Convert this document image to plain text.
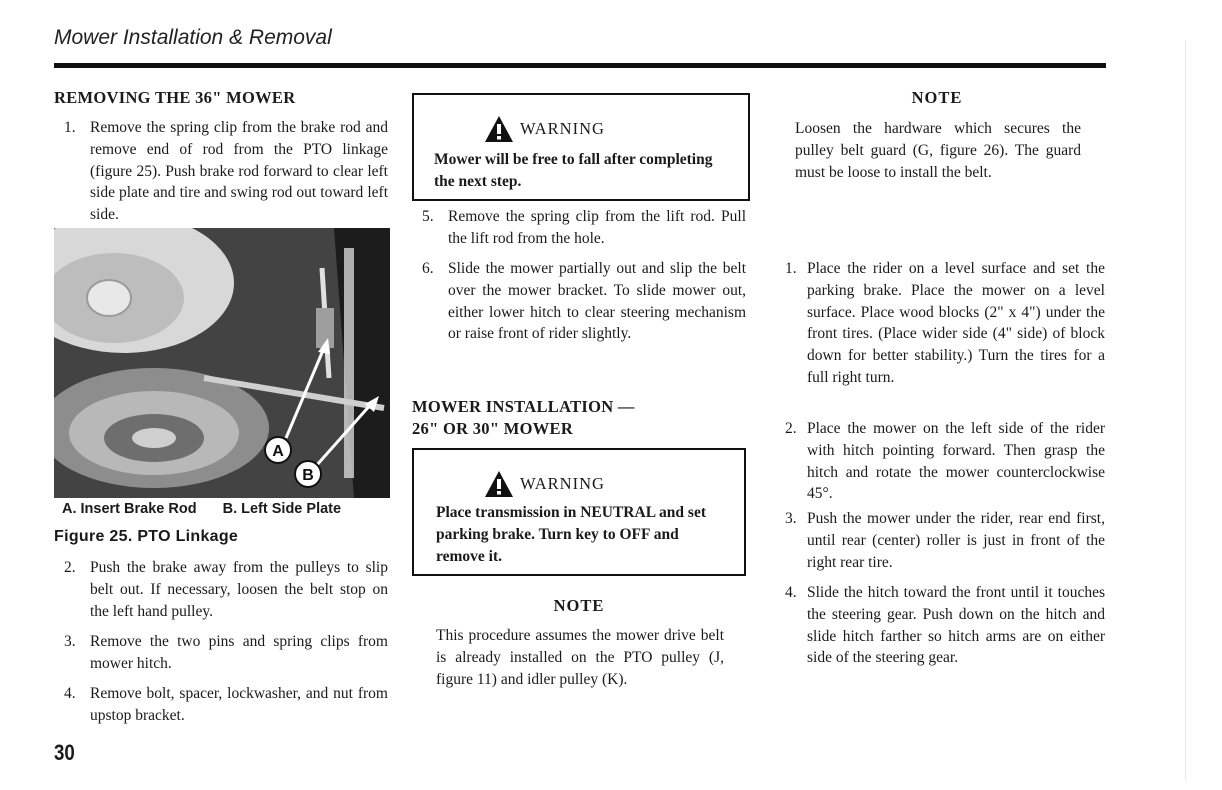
Mower Installation & Removal
REMOVING THE 36" MOWER
1. Remove the spring clip from the brake rod and remove end of rod from the PTO linkage (figure 25). Push brake rod forward to clear left side plate and tire and swing rod out toward left side.
A
B
A. Insert Brake Rod B. Left Side Plate
Figure 25. PTO Linkage
2. Push the brake away from the pulleys to slip belt out. If necessary, loosen the belt stop on the left hand pulley.
3. Remove the two pins and spring clips from mower hitch.
4. Remove bolt, spacer, lockwasher, and nut from upstop bracket.
30
WARNING
Mower will be free to fall after completing the next step.
5. Remove the spring clip from the lift rod. Pull the lift rod from the hole.
6. Slide the mower partially out and slip the belt over the mower bracket. To slide mower out, either lower hitch to clear steering mechanism or raise front of rider slightly.
MOWER INSTALLATION —
26" OR 30" MOWER
WARNING
Place transmission in NEUTRAL and set parking brake. Turn key to OFF and remove it.
NOTE
This procedure assumes the mower drive belt is already installed on the PTO pulley (J, figure 11) and idler pulley (K).
NOTE
Loosen the hardware which secures the pulley belt guard (G, figure 26). The guard must be loose to install the belt.
1. Place the rider on a level surface and set the parking brake. Place the mower on a level surface. Place wood blocks (2" x 4") under the front tires. (Place wider side (4" side) of block down for better stability.) Turn the tires for a full right turn.
2. Place the mower on the left side of the rider with hitch pointing forward. Then grasp the hitch and rotate the mower counterclockwise 45°.
3. Push the mower under the rider, rear end first, until rear (center) roller is just in front of the right rear tire.
4. Slide the hitch toward the front until it touches the steering gear. Push down on the hitch and slide hitch farther so hitch arms are on either side of the steering gear.
